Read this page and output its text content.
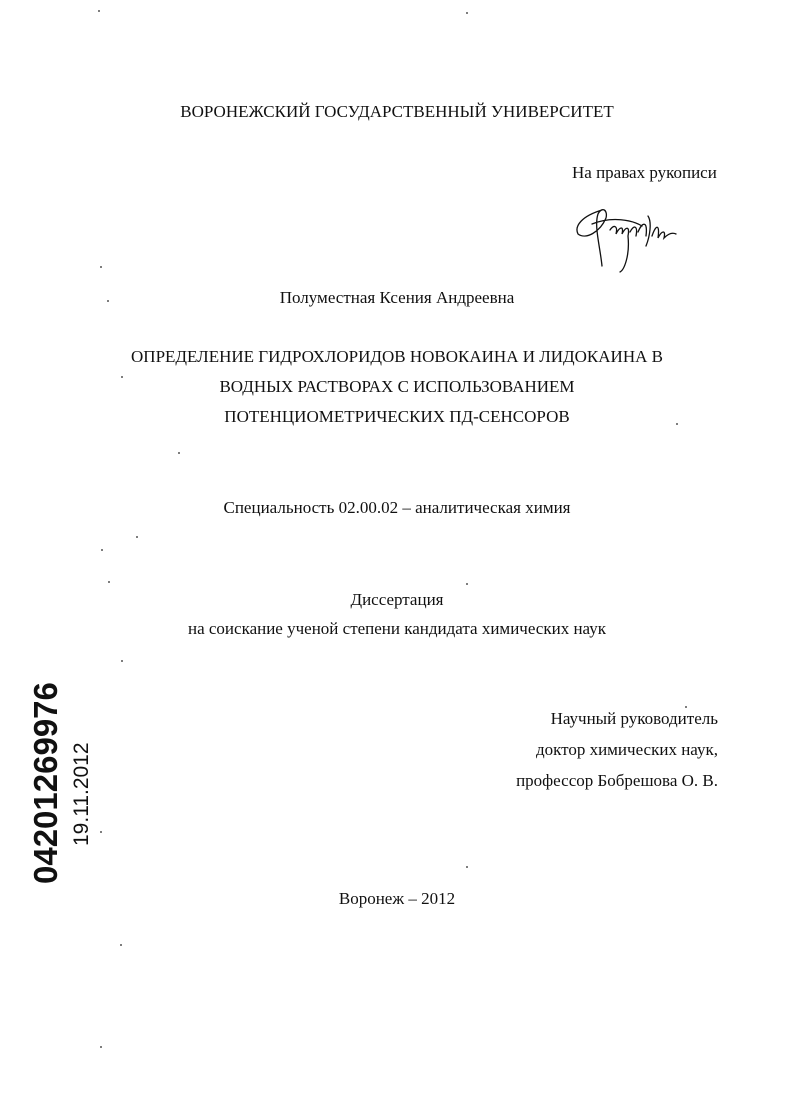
ВОРОНЕЖСКИЙ ГОСУДАРСТВЕННЫЙ УНИВЕРСИТЕТ
На правах рукописи
Полуместная Ксения Андреевна
ОПРЕДЕЛЕНИЕ ГИДРОХЛОРИДОВ НОВОКАИНА И ЛИДОКАИНА В
ВОДНЫХ РАСТВОРАХ С ИСПОЛЬЗОВАНИЕМ
ПОТЕНЦИОМЕТРИЧЕСКИХ ПД-СЕНСОРОВ
Специальность 02.00.02 – аналитическая химия
Диссертация
на соискание ученой степени кандидата химических наук
Научный руководитель
доктор химических наук,
профессор Бобрешова О. В.
Воронеж – 2012
04201269976 19.11.2012
